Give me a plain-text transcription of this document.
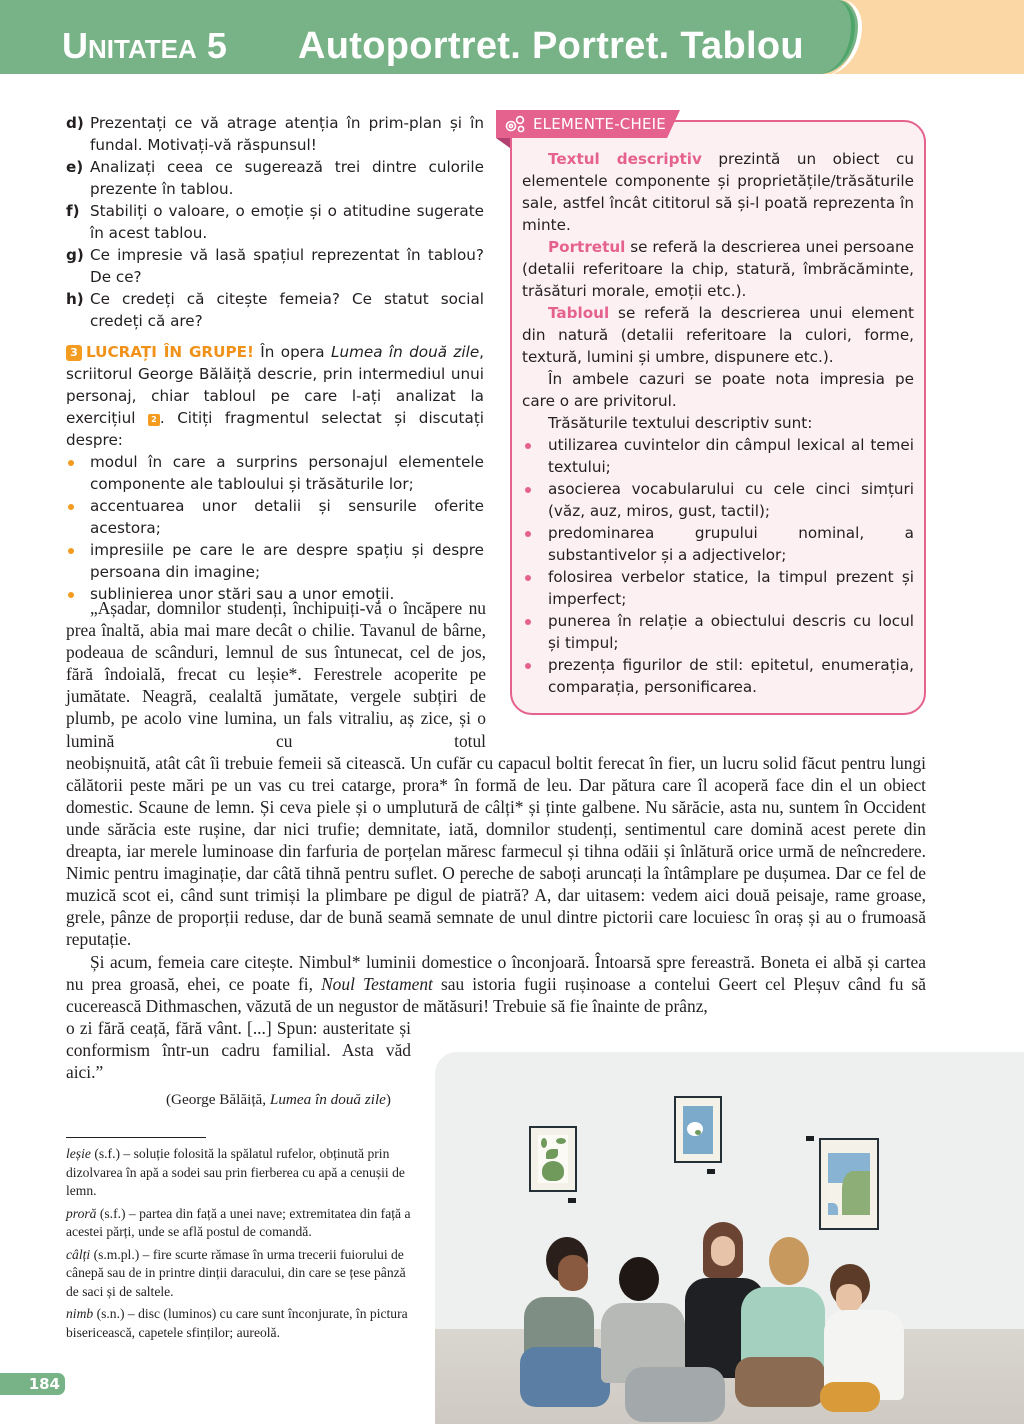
UNITATEA 5 Autoportret. Portret. Tablou
d) Prezentați ce vă atrage atenția în prim-plan și în fundal. Motivați-vă răspunsul!
e) Analizați ceea ce sugerează trei dintre culorile prezente în tablou.
f) Stabiliți o valoare, o emoție și o atitudine sugerate în acest tablou.
g) Ce impresie vă lasă spațiul reprezentat în tablou? De ce?
h) Ce credeți că citește femeia? Ce statut social credeți că are?
3 LUCRAȚI ÎN GRUPE! În opera Lumea în două zile, scriitorul George Bălăiță descrie, prin intermediul unui personaj, chiar tabloul pe care l-ați analizat la exercițiul 2 . Citiți fragmentul selectat și discutați despre:
modul în care a surprins personajul elementele componente ale tabloului și trăsăturile lor;
accentuarea unor detalii și sensurile oferite acestora;
impresiile pe care le are despre spațiu și despre persoana din imagine;
sublinierea unor stări sau a unor emoții.
ELEMENTE-CHEIE

Textul descriptiv prezintă un obiect cu elementele componente și proprietățile/trăsăturile sale, astfel încât cititorul să și-l poată reprezenta în minte.

Portretul se referă la descrierea unei persoane (detalii referitoare la chip, statură, îmbrăcăminte, trăsături morale, emoții etc.).

Tabloul se referă la descrierea unui element din natură (detalii referitoare la culori, forme, textură, lumini și umbre, dispunere etc.).

În ambele cazuri se poate nota impresia pe care o are privitorul.

Trăsăturile textului descriptiv sunt:

utilizarea cuvintelor din câmpul lexical al temei textului;
asocierea vocabularului cu cele cinci simțuri (văz, auz, miros, gust, tactil);
predominarea grupului nominal, a substantivelor și a adjectivelor;
folosirea verbelor statice, la timpul prezent și imperfect;
punerea în relație a obiectului descris cu locul și timpul;
prezența figurilor de stil: epitetul, enumerația, comparația, personificarea.

„Așadar, domnilor studenți, închipuiți-vă o încăpere nu prea înaltă, abia mai mare decât o chilie. Tavanul de bârne, podeaua de scânduri, lemnul de sus întunecat, cel de jos, fără îndoială, frecat cu leșie*. Ferestrele acoperite pe jumătate. Neagră, cealaltă jumătate, vergele subțiri de plumb, pe acolo vine lumina, un fals vitraliu, aș zice, și o lumină cu totul

neobișnuită, atât cât îi trebuie femeii să citească. Un cufăr cu capacul boltit ferecat în fier, un lucru solid făcut pentru lungi călătorii peste mări pe un vas cu trei catarge, prora* în formă de leu. Dar pătura care îl acoperă face din el un obiect domestic. Scaune de lemn. Și ceva piele și o umplutură de câlți* și ținte galbene. Nu sărăcie, asta nu, suntem în Occident unde sărăcia este rușine, dar nici trufie; demnitate, iată, domnilor studenți, sentimentul care domină acest perete din dreapta, iar merele luminoase din farfuria de porțelan măresc farmecul și tihna odăii și înlătură orice urmă de neîncredere. Nimic pentru imaginație, dar câtă tihnă pentru suflet. O pereche de saboți aruncați la întâmplare pe dușumea. Dar ce fel de muzică scot ei, când sunt trimiși la plimbare pe digul de piatră? A, dar uitasem: vedem aici două peisaje, rame groase, grele, pânze de proporții reduse, dar de bună seamă semnate de unul dintre pictorii care locuiesc în oraș și au o frumoasă reputație.

Și acum, femeia care citește. Nimbul* luminii domestice o înconjoară. Întoarsă spre fereastră. Boneta ei albă și cartea nu prea groasă, ehei, ce poate fi, Noul Testament sau istoria fugii rușinoase a contelui Geert cel Pleșuv când fu să cucerească Dithmaschen, văzută de un negustor de mătăsuri! Trebuie să fie înainte de prânz,

o zi fără ceață, fără vânt. [...] Spun: austeritate și conformism într-un cadru familial. Asta văd aici.”

(George Bălăiță, Lumea în două zile)

leșie (s.f.) – soluție folosită la spălatul rufelor, obținută prin dizolvarea în apă a sodei sau prin fierberea cu apă a cenușii de lemn.

proră (s.f.) – partea din față a unei nave; extremitatea din față a acestei părți, unde se află postul de comandă.

câlți (s.m.pl.) – fire scurte rămase în urma trecerii fuiorului de cânepă sau de in printre dinții daracului, din care se țese pânză de saci și de saltele.

nimb (s.n.) – disc (luminos) cu care sunt înconjurate, în pictura bisericească, capetele sfinților; aureolă.

184
